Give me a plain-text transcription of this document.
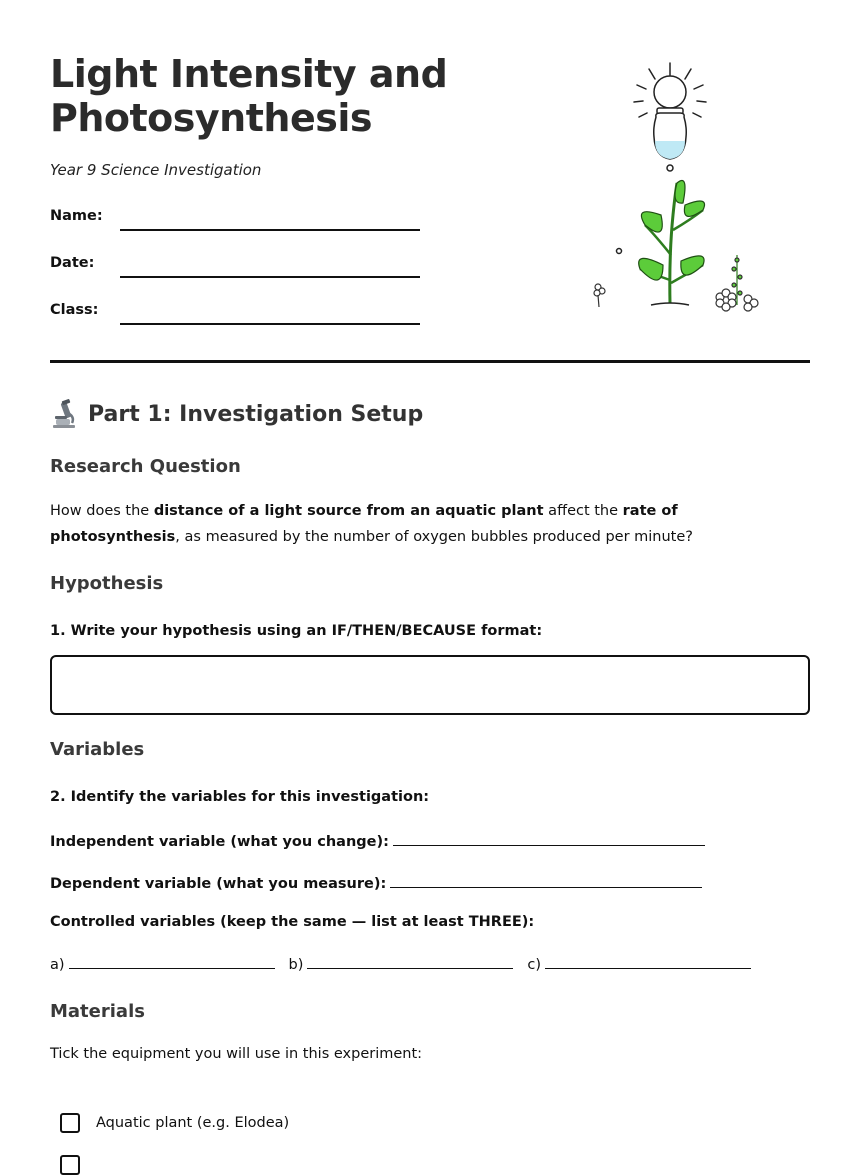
Light Intensity and
Photosynthesis
Year 9 Science Investigation
Name:
Date:
Class:
Part 1: Investigation Setup
Research Question
How does the distance of a light source from an aquatic plant affect the rate of photosynthesis, as measured by the number of oxygen bubbles produced per minute?
Hypothesis
1. Write your hypothesis using an IF/THEN/BECAUSE format:
Variables
2. Identify the variables for this investigation:
Independent variable (what you change):
Dependent variable (what you measure):
Controlled variables (keep the same — list at least THREE):
a)	b)	c)
Materials
Tick the equipment you will use in this experiment:
Aquatic plant (e.g. Elodea)
